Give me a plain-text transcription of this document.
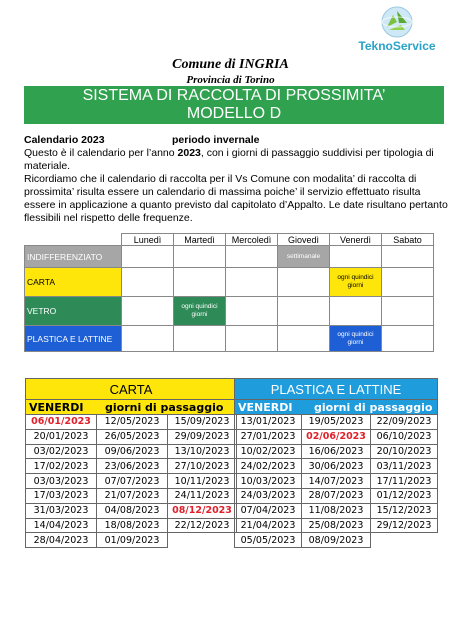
TeknoService
Comune di INGRIA
Provincia di Torino
SISTEMA DI RACCOLTA DI PROSSIMITA’
MODELLO D
Calendario 2023	periodo invernale
Questo è il calendario per l’anno 2023, con i giorni di passaggio suddivisi per tipologia di materiale.
Ricordiamo che il calendario di raccolta per il Vs Comune con modalita’ di raccolta di prossimita’ risulta essere un calendario di massima poiche’ il servizio effettuato risulta essere in applicazione a quanto previsto dal capitolato d’Appalto. Le date risultano pertanto flessibili nel rispetto delle frequenze.
	Lunedì	Martedì	Mercoledì	Giovedì	Venerdì	Sabato
INDIFFERENZIATO				settimanale		
CARTA					ogni quindici giorni	
VETRO		ogni quindici giorni				
PLASTICA E LATTINE					ogni quindici giorni	
CARTA		
VENERDI giorni di passaggio		
06/01/2023	12/05/2023	15/09/2023
20/01/2023	26/05/2023	29/09/2023
03/02/2023	09/06/2023	13/10/2023
17/02/2023	23/06/2023	27/10/2023
03/03/2023	07/07/2023	10/11/2023
17/03/2023	21/07/2023	24/11/2023
31/03/2023	04/08/2023	08/12/2023
14/04/2023	18/08/2023	22/12/2023
28/04/2023	01/09/2023	
PLASTICA E LATTINE		
VENERDI giorni di passaggio		
13/01/2023	19/05/2023	22/09/2023
27/01/2023	02/06/2023	06/10/2023
10/02/2023	16/06/2023	20/10/2023
24/02/2023	30/06/2023	03/11/2023
10/03/2023	14/07/2023	17/11/2023
24/03/2023	28/07/2023	01/12/2023
07/04/2023	11/08/2023	15/12/2023
21/04/2023	25/08/2023	29/12/2023
05/05/2023	08/09/2023	
